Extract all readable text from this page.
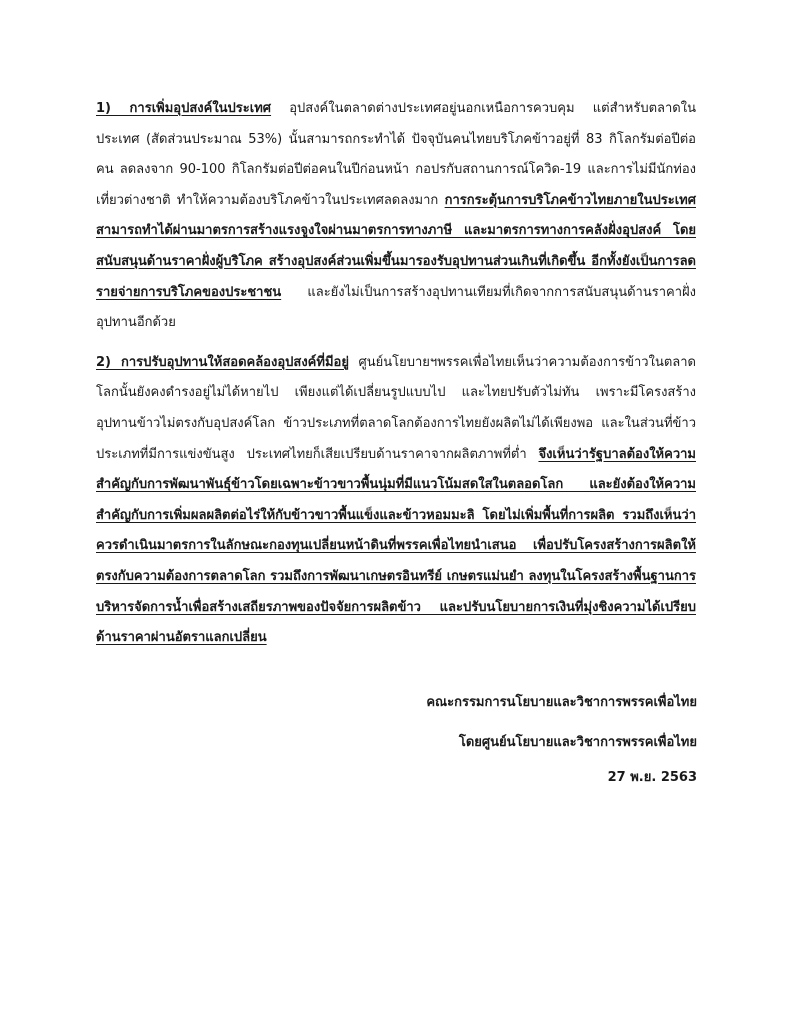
1) การเพิ่มอุปสงค์ในประเทศ อุปสงค์ในตลาดต่างประเทศอยู่นอกเหนือการควบคุม แต่สำหรับตลาดในประเทศ (สัดส่วนประมาณ 53%) นั้นสามารถกระทำได้ ปัจจุบันคนไทยบริโภคข้าวอยู่ที่ 83 กิโลกรัมต่อปีต่อคน ลดลงจาก 90-100 กิโลกรัมต่อปีต่อคนในปีก่อนหน้า กอปรกับสถานการณ์โควิด-19 และการไม่มีนักท่องเที่ยวต่างชาติ ทำให้ความต้องบริโภคข้าวในประเทศลดลงมาก การกระตุ้นการบริโภคข้าวไทยภายในประเทศสามารถทำได้ผ่านมาตรการสร้างแรงจูงใจผ่านมาตรการทางภาษี และมาตรการทางการคลังฝั่งอุปสงค์ โดยสนับสนุนด้านราคาฝั่งผู้บริโภค สร้างอุปสงค์ส่วนเพิ่มขึ้นมารองรับอุปทานส่วนเกินที่เกิดขึ้น อีกทั้งยังเป็นการลดรายจ่ายการบริโภคของประชาชน และยังไม่เป็นการสร้างอุปทานเทียมที่เกิดจากการสนับสนุนด้านราคาฝั่งอุปทานอีกด้วย

2) การปรับอุปทานให้สอดคล้องอุปสงค์ที่มีอยู่ ศูนย์นโยบายฯพรรคเพื่อไทยเห็นว่าความต้องการข้าวในตลาดโลกนั้นยังคงดำรงอยู่ไม่ได้หายไป เพียงแต่ได้เปลี่ยนรูปแบบไป และไทยปรับตัวไม่ทัน เพราะมีโครงสร้างอุปทานข้าวไม่ตรงกับอุปสงค์โลก ข้าวประเภทที่ตลาดโลกต้องการไทยยังผลิตไม่ได้เพียงพอ และในส่วนที่ข้าวประเภทที่มีการแข่งขันสูง ประเทศไทยก็เสียเปรียบด้านราคาจากผลิตภาพที่ต่ำ จึงเห็นว่ารัฐบาลต้องให้ความสำคัญกับการพัฒนาพันธุ์ข้าวโดยเฉพาะข้าวขาวพื้นนุ่มที่มีแนวโน้มสดใสในตลอดโลก และยังต้องให้ความสำคัญกับการเพิ่มผลผลิตต่อไร่ให้กับข้าวขาวพื้นแข็งและข้าวหอมมะลิ โดยไม่เพิ่มพื้นที่การผลิต รวมถึงเห็นว่าควรดำเนินมาตรการในลักษณะกองทุนเปลี่ยนหน้าดินที่พรรคเพื่อไทยนำเสนอ เพื่อปรับโครงสร้างการผลิตให้ตรงกับความต้องการตลาดโลก รวมถึงการพัฒนาเกษตรอินทรีย์ เกษตรแม่นยำ ลงทุนในโครงสร้างพื้นฐานการบริหารจัดการน้ำเพื่อสร้างเสถียรภาพของปัจจัยการผลิตข้าว และปรับนโยบายการเงินที่มุ่งชิงความได้เปรียบด้านราคาผ่านอัตราแลกเปลี่ยน

คณะกรรมการนโยบายและวิชาการพรรคเพื่อไทย
โดยศูนย์นโยบายและวิชาการพรรคเพื่อไทย
27 พ.ย. 2563
